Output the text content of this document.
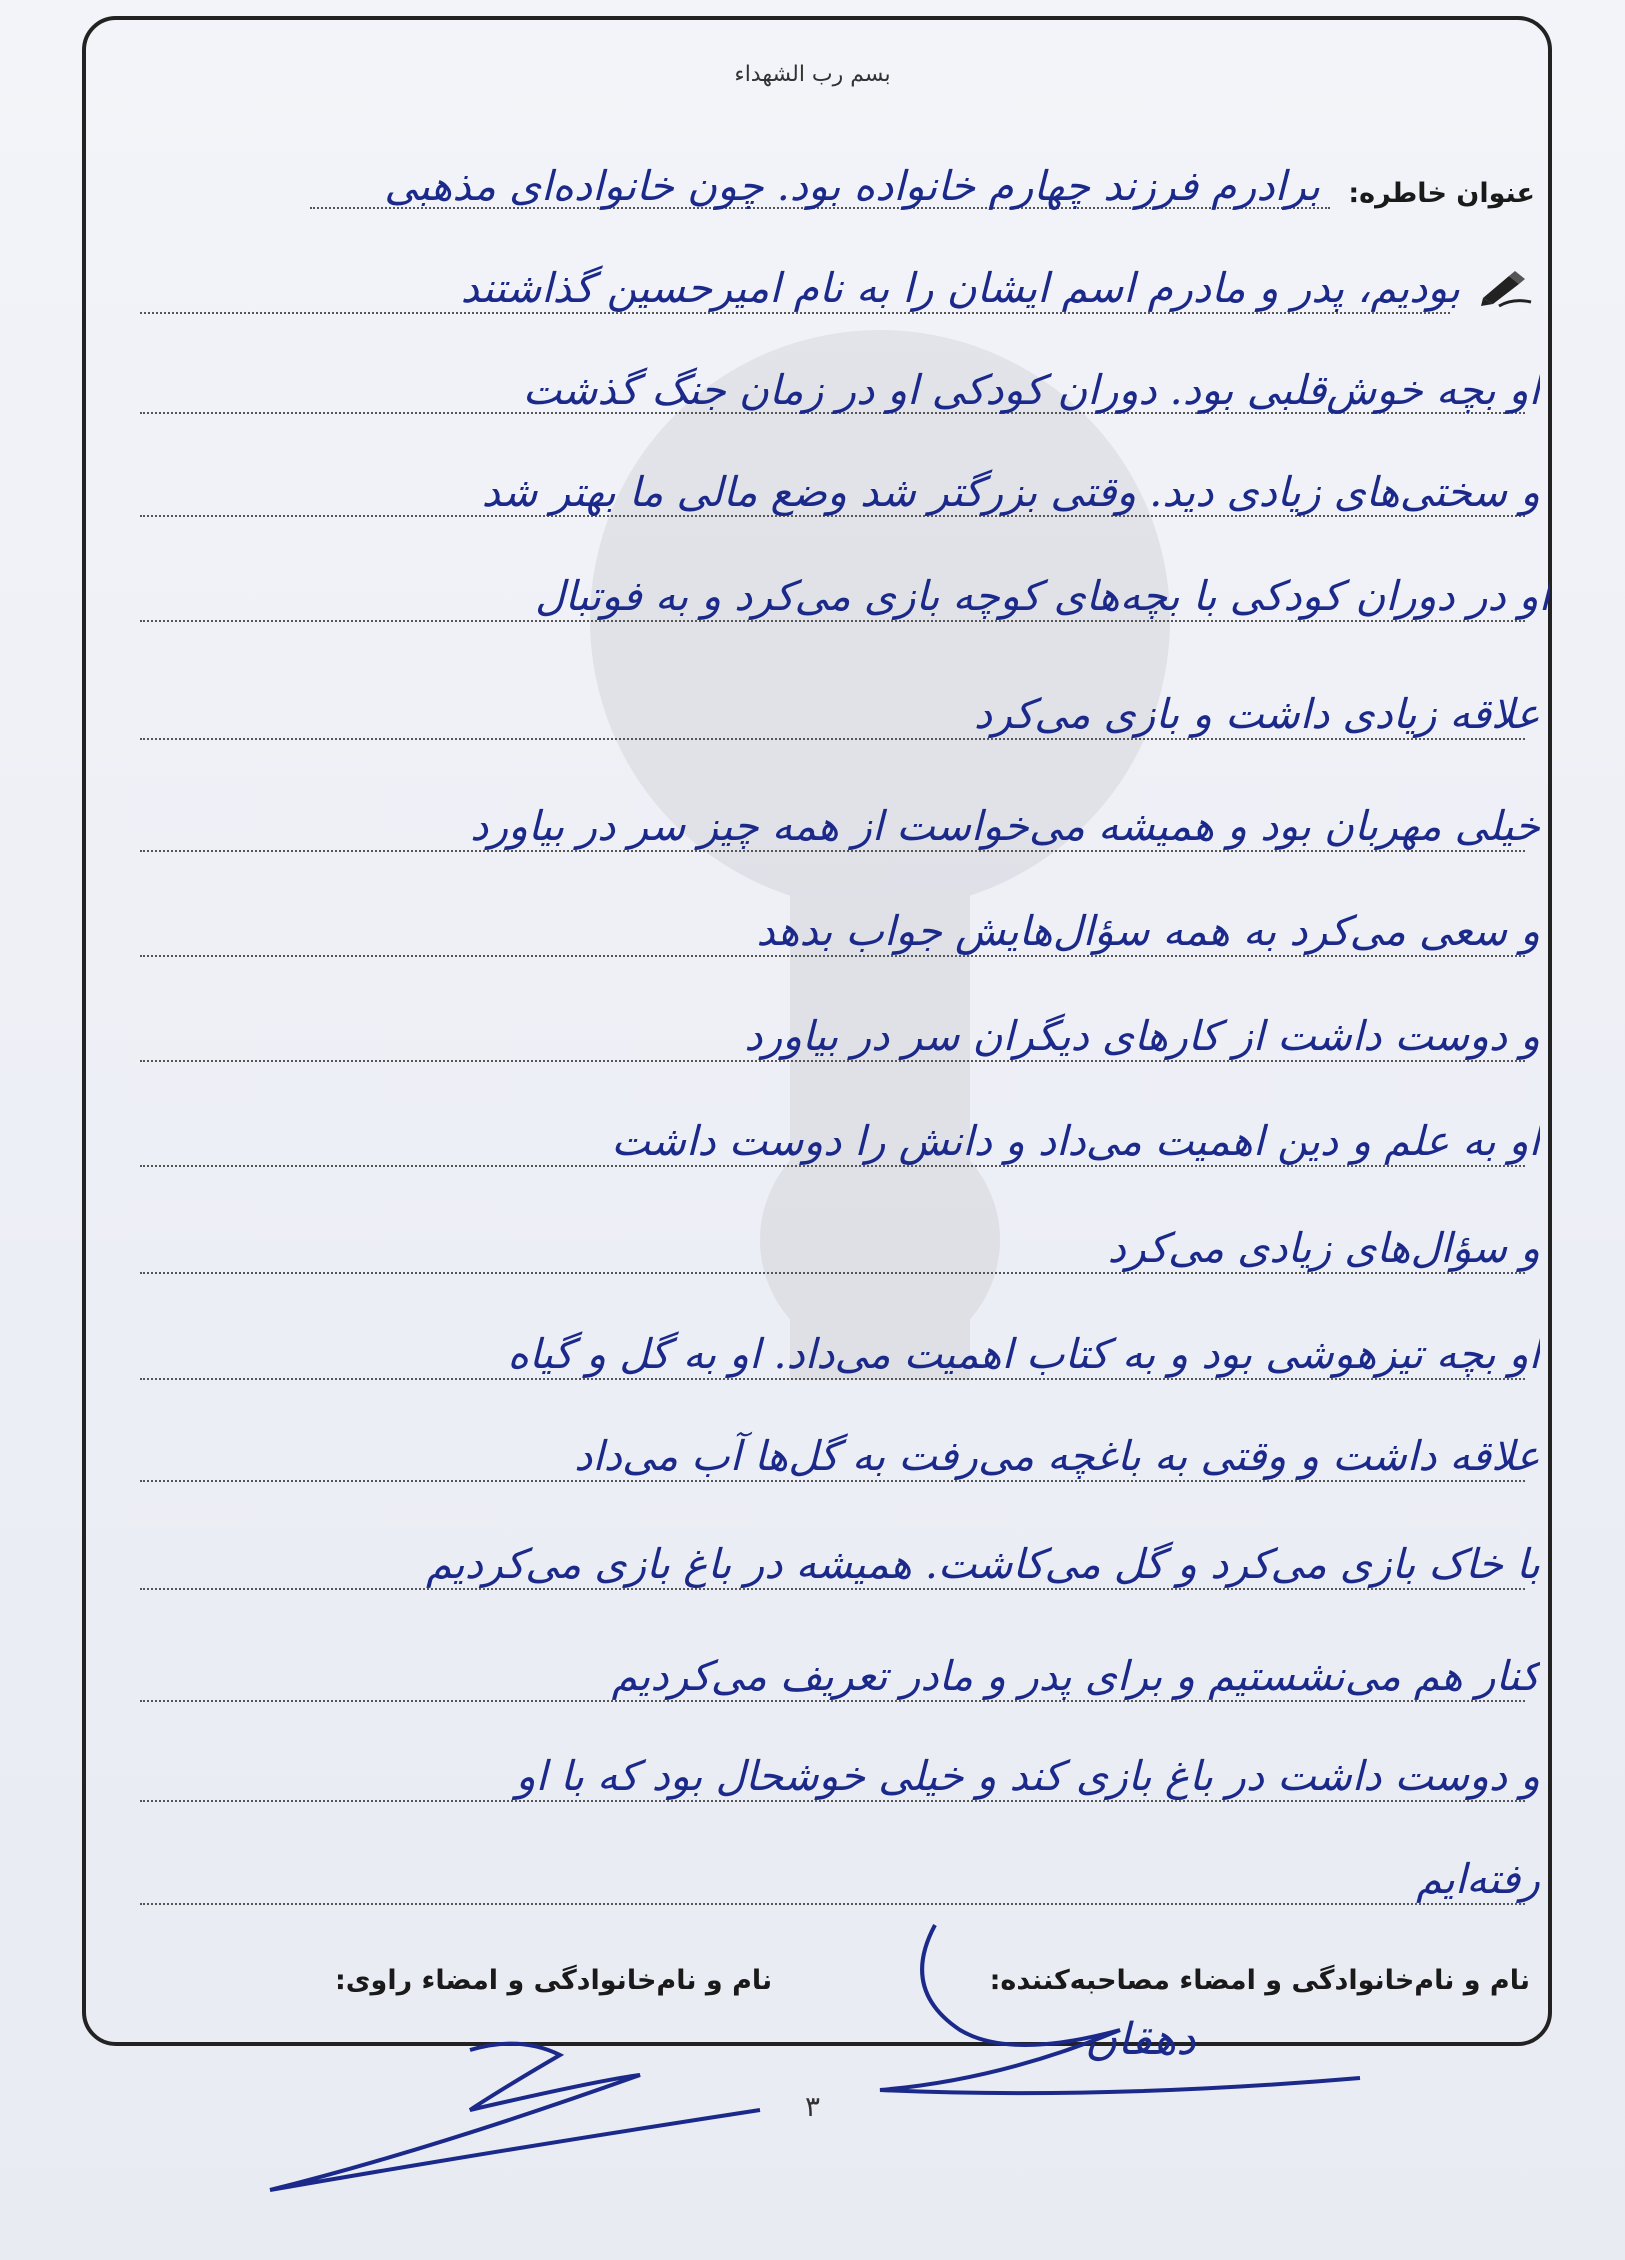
بسم رب الشهداء
عنوان خاطره:
برادرم فرزند چهارم خانواده بود. چون خانواده‌ای مذهبی
بودیم، پدر و مادرم اسم ایشان را به نام امیرحسین گذاشتند
او بچه خوش‌قلبی بود. دوران کودکی او در زمان جنگ گذشت
و سختی‌های زیادی دید. وقتی بزرگتر شد وضع مالی ما بهتر شد
او در دوران کودکی با بچه‌های کوچه بازی می‌کرد و به فوتبال
علاقه زیادی داشت و بازی می‌کرد
خیلی مهربان بود و همیشه می‌خواست از همه چیز سر در بیاورد
و سعی می‌کرد به همه سؤال‌هایش جواب بدهد
و دوست داشت از کارهای دیگران سر در بیاورد
او به علم و دین اهمیت می‌داد و دانش را دوست داشت
و سؤال‌های زیادی می‌کرد
او بچه تیزهوشی بود و به کتاب اهمیت می‌داد. او به گل و گیاه
علاقه داشت و وقتی به باغچه می‌رفت به گل‌ها آب می‌داد
با خاک بازی می‌کرد و گل می‌کاشت. همیشه در باغ بازی می‌کردیم
کنار هم می‌نشستیم و برای پدر و مادر تعریف می‌کردیم
و دوست داشت در باغ بازی کند و خیلی خوشحال بود که با او
رفته‌ایم
نام و نام‌خانوادگی و امضاء مصاحبه‌کننده:
نام و نام‌خانوادگی و امضاء راوی:
دهقان
۳
